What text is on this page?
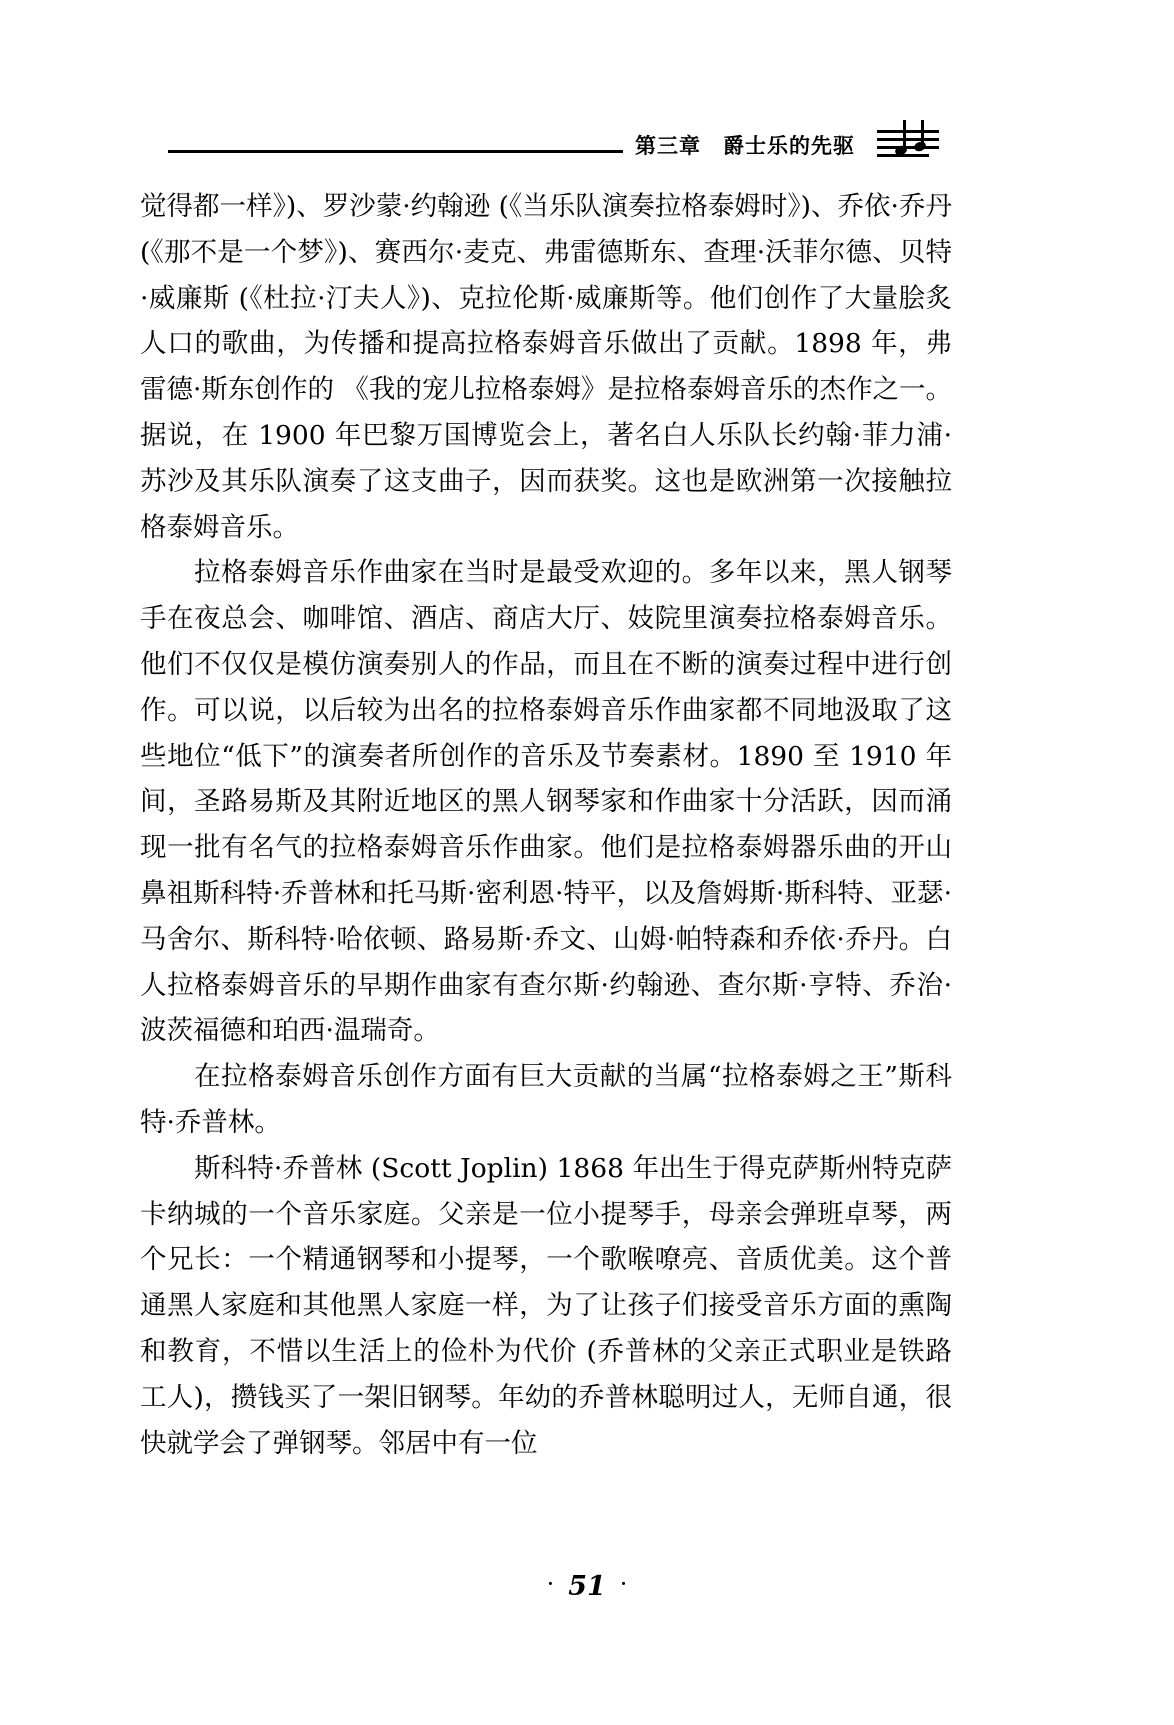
第三章 爵士乐的先驱

觉得都一样》)、罗沙蒙·约翰逊 (《当乐队演奏拉格泰姆时》)、乔依·乔丹 (《那不是一个梦》)、赛西尔·麦克、弗雷德斯东、查理·沃菲尔德、贝特·威廉斯 (《杜拉·汀夫人》)、克拉伦斯·威廉斯等。他们创作了大量脍炙人口的歌曲，为传播和提高拉格泰姆音乐做出了贡献。1898 年，弗雷德·斯东创作的 《我的宠儿拉格泰姆》是拉格泰姆音乐的杰作之一。据说，在 1900 年巴黎万国博览会上，著名白人乐队长约翰·菲力浦·苏沙及其乐队演奏了这支曲子，因而获奖。这也是欧洲第一次接触拉格泰姆音乐。

拉格泰姆音乐作曲家在当时是最受欢迎的。多年以来，黑人钢琴手在夜总会、咖啡馆、酒店、商店大厅、妓院里演奏拉格泰姆音乐。他们不仅仅是模仿演奏别人的作品，而且在不断的演奏过程中进行创作。可以说，以后较为出名的拉格泰姆音乐作曲家都不同地汲取了这些地位“低下”的演奏者所创作的音乐及节奏素材。1890 至 1910 年间，圣路易斯及其附近地区的黑人钢琴家和作曲家十分活跃，因而涌现一批有名气的拉格泰姆音乐作曲家。他们是拉格泰姆器乐曲的开山鼻祖斯科特·乔普林和托马斯·密利恩·特平，以及詹姆斯·斯科特、亚瑟·马舍尔、斯科特·哈依顿、路易斯·乔文、山姆·帕特森和乔依·乔丹。白人拉格泰姆音乐的早期作曲家有查尔斯·约翰逊、查尔斯·亨特、乔治·波茨福德和珀西·温瑞奇。

在拉格泰姆音乐创作方面有巨大贡献的当属“拉格泰姆之王”斯科特·乔普林。

斯科特·乔普林 (Scott Joplin) 1868 年出生于得克萨斯州特克萨卡纳城的一个音乐家庭。父亲是一位小提琴手，母亲会弹班卓琴，两个兄长：一个精通钢琴和小提琴，一个歌喉嘹亮、音质优美。这个普通黑人家庭和其他黑人家庭一样，为了让孩子们接受音乐方面的熏陶和教育，不惜以生活上的俭朴为代价 (乔普林的父亲正式职业是铁路工人)，攒钱买了一架旧钢琴。年幼的乔普林聪明过人，无师自通，很快就学会了弹钢琴。邻居中有一位

· 51 ·
